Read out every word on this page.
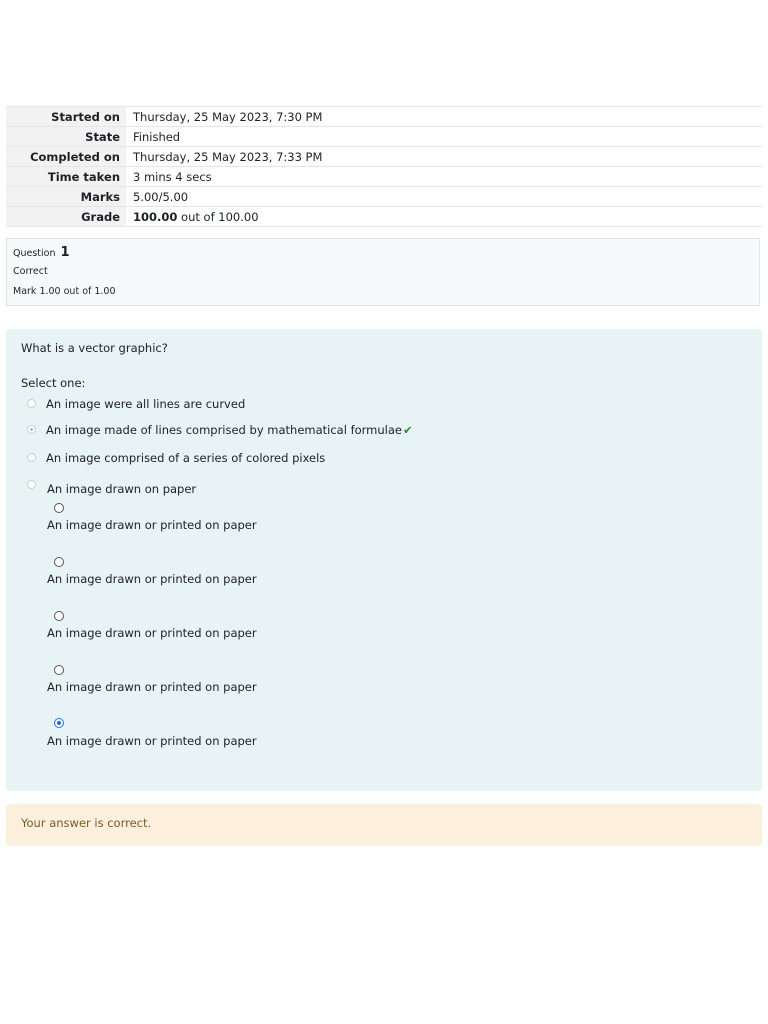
Started on	Thursday, 25 May 2023, 7:30 PM
State	Finished
Completed on	Thursday, 25 May 2023, 7:33 PM
Time taken	3 mins 4 secs
Marks	5.00/5.00
Grade	100.00 out of 100.00
Question 1
Correct
Mark 1.00 out of 1.00
What is a vector graphic?
Select one:
An image were all lines are curved
An image made of lines comprised by mathematical formulae✔
An image comprised of a series of colored pixels
An image drawn on paper
An image drawn or printed on paper
An image drawn or printed on paper
An image drawn or printed on paper
An image drawn or printed on paper
An image drawn or printed on paper
Your answer is correct.
